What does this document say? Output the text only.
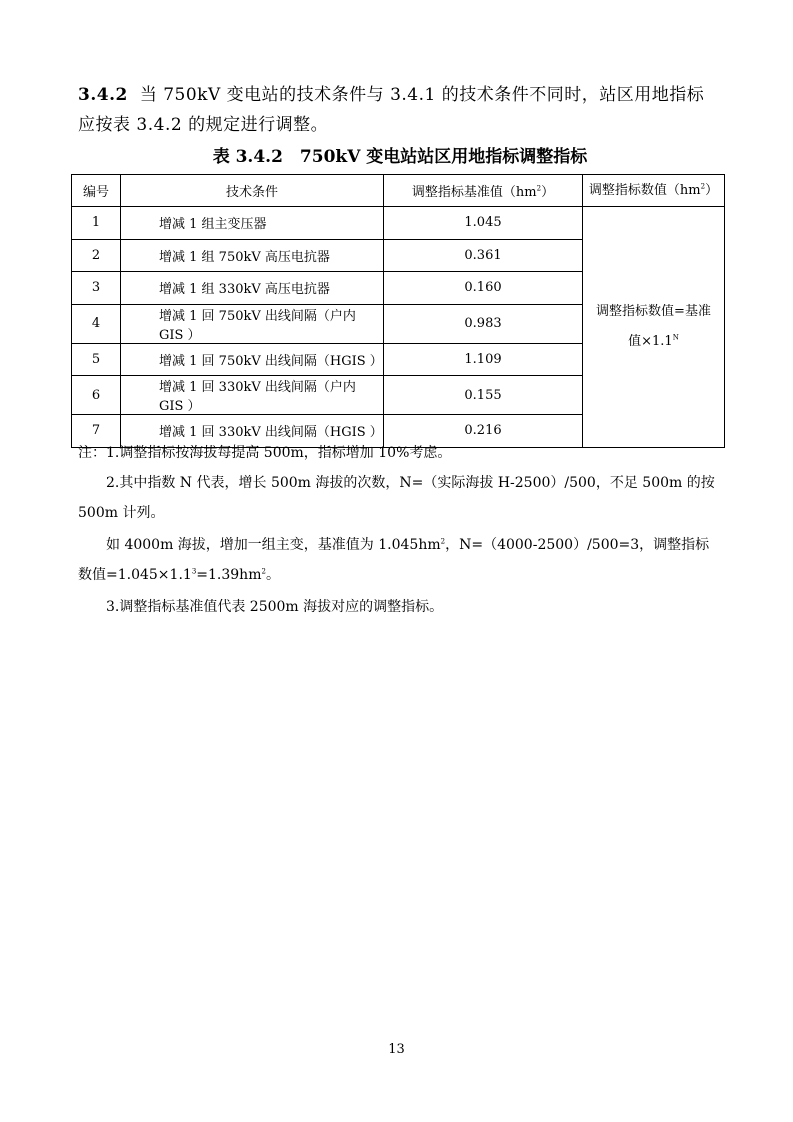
3.4.2 当 750kV 变电站的技术条件与 3.4.1 的技术条件不同时，站区用地指标应按表 3.4.2 的规定进行调整。

表 3.4.2　750kV 变电站站区用地指标调整指标
编号	技术条件	调整指标基准值$(hm^2)$	调整指标数值$(hm^2)$
1	增减 1 组主变压器	1.045	调整指标数值=基准
值$\times 1.1^N$

2	增减 1 组 750kV 高压电抗器	0.361	
3	增减 1 组 330kV 高压电抗器	0.160	
4	增减 1 回 750kV 出线间隔（户内 GIS ）	0.983	
5	增减 1 回 750kV 出线间隔（HGIS ）	1.109	
6	增减 1 回 330kV 出线间隔（户内 GIS ）	0.155	
7	增减 1 回 330kV 出线间隔（HGIS ）	0.216	
注：1.调整指标按海拔每提高 500m，指标增加 10%考虑。
2.其中指数 N 代表，增长 500m 海拔的次数，N=（实际海拔 H-2500）/500，不足 500m 的按 500m 计列。
如 4000m 海拔，增加一组主变，基准值为 $1.045hm^2$，N=（4000-2500）/500=3，调整指标数值$=1.045\times 1.1^3=1.39hm^2$。
3.调整指标基准值代表 2500m 海拔对应的调整指标。
13
